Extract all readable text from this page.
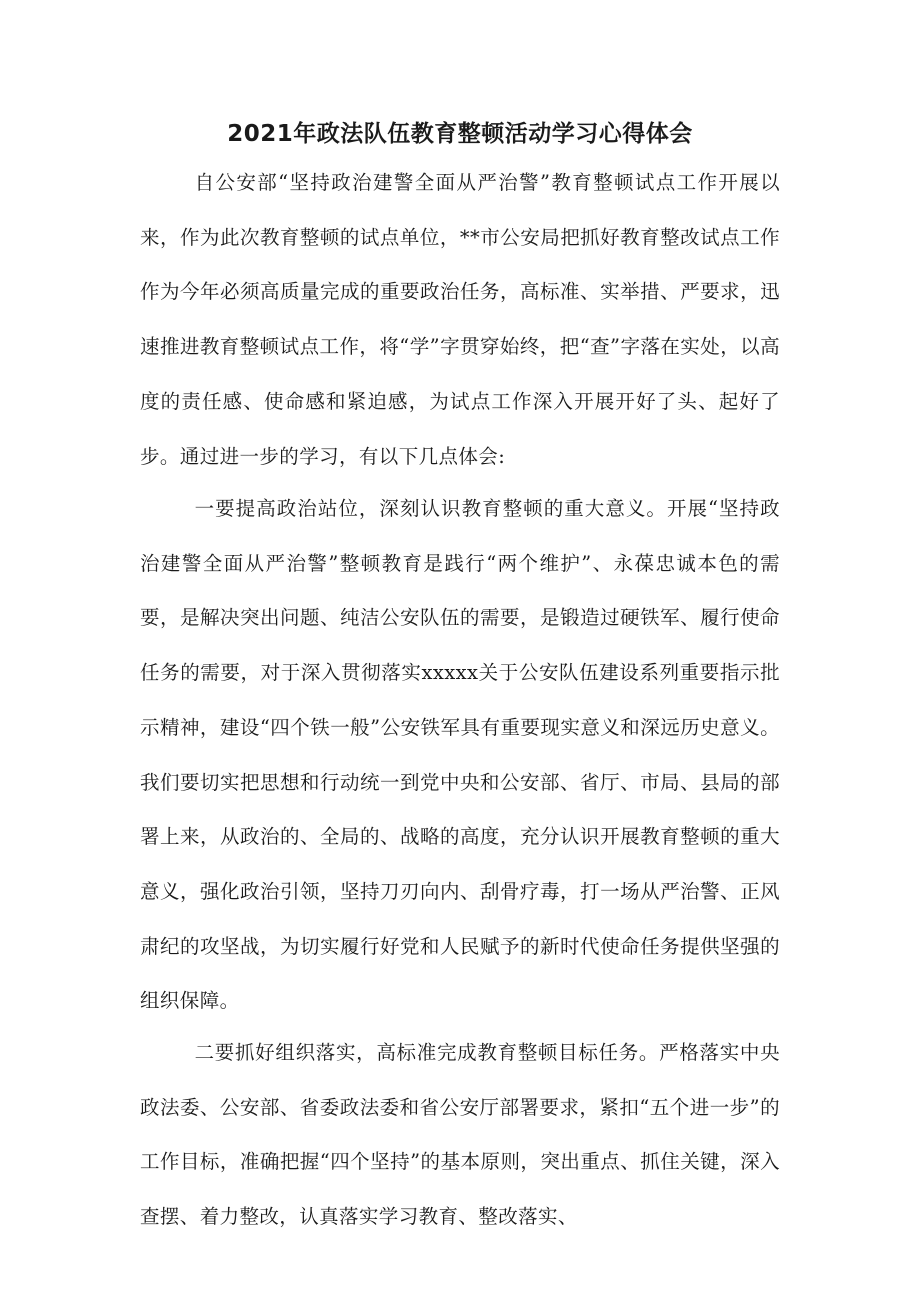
2021年政法队伍教育整顿活动学习心得体会

自公安部“坚持政治建警全面从严治警”教育整顿试点工作开展以来，作为此次教育整顿的试点单位，**市公安局把抓好教育整改试点工作作为今年必须高质量完成的重要政治任务，高标准、实举措、严要求，迅速推进教育整顿试点工作，将“学”字贯穿始终，把“查”字落在实处，以高度的责任感、使命感和紧迫感，为试点工作深入开展开好了头、起好了步。通过进一步的学习，有以下几点体会:

一要提高政治站位，深刻认识教育整顿的重大意义。开展“坚持政治建警全面从严治警”整顿教育是践行“两个维护”、永葆忠诚本色的需要，是解决突出问题、纯洁公安队伍的需要，是锻造过硬铁军、履行使命任务的需要，对于深入贯彻落实xxxxx关于公安队伍建设系列重要指示批示精神，建设“四个铁一般”公安铁军具有重要现实意义和深远历史意义。我们要切实把思想和行动统一到党中央和公安部、省厅、市局、县局的部署上来，从政治的、全局的、战略的高度，充分认识开展教育整顿的重大意义，强化政治引领，坚持刀刃向内、刮骨疗毒，打一场从严治警、正风肃纪的攻坚战，为切实履行好党和人民赋予的新时代使命任务提供坚强的组织保障。

二要抓好组织落实，高标准完成教育整顿目标任务。严格落实中央政法委、公安部、省委政法委和省公安厅部署要求，紧扣“五个进一步”的工作目标，准确把握“四个坚持”的基本原则，突出重点、抓住关键，深入查摆、着力整改，认真落实学习教育、整改落实、
